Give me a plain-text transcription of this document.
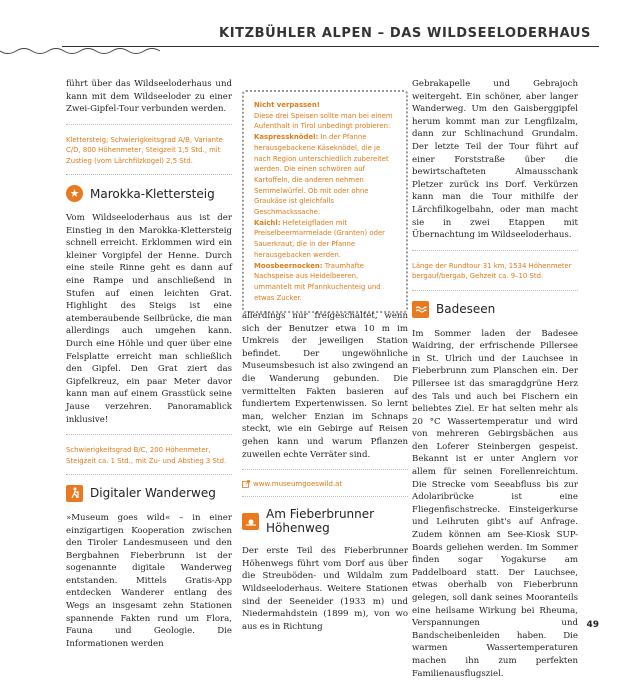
KITZBÜHLER ALPEN – DAS WILDSEELODERHAUS

führt über das Wildseeloderhaus und kann mit dem Wildseeloder zu einer Zwei-Gipfel-Tour verbunden werden.

Klettersteig; Schwierigkeitsgrad A/B, Variante C/D, 800 Höhenmeter, Steigzeit 1,5 Std., mit Zustieg (vom Lärchfilzkogel) 2,5 Std.

★ Marokka-Klettersteig

Vom Wildseeloderhaus aus ist der Einstieg in den Marokka-Klettersteig schnell erreicht. Erklommen wird ein kleiner Vorgipfel der Henne. Durch eine steile Rinne geht es dann auf eine Rampe und anschließend in Stufen auf einen leichten Grat. Highlight des Steigs ist eine atemberaubende Seilbrücke, die man allerdings auch umgehen kann. Durch eine Höhle und quer über eine Felsplatte erreicht man schließlich den Gipfel. Den Grat ziert das Gipfelkreuz, ein paar Meter davor kann man auf einem Grasstück seine Jause verzehren. Panoramablick inklusive!

Schwierigkeitsgrad B/C, 200 Höhenmeter, Steigzeit ca. 1 Std., mit Zu- und Abstieg 3 Std.

Digitaler Wanderweg

»Museum goes wild« – in einer einzigartigen Kooperation zwischen den Tiroler Landesmuseen und den Bergbahnen Fieberbrunn ist der sogenannte digitale Wanderweg entstanden. Mittels Gratis-App entdecken Wanderer entlang des Wegs an insgesamt zehn Stationen spannende Fakten rund um Flora, Fauna und Geologie. Die Informationen werden

Nicht verpassen!
Diese drei Speisen sollte man bei einem Aufenthalt in Tirol unbedingt probieren:
Kaspressknödel: In der Pfanne herausgebackene Käseknödel, die je nach Region unterschiedlich zubereitet werden. Die einen schwören auf Kartoffeln, die anderen nehmen Semmelwürfel. Ob mit oder ohne Graukäse ist gleichfalls Geschmackssache.
Kaichl: Hefeteigfladen mit Preiselbeermarmelade (Granten) oder Sauerkraut, die in der Pfanne herausgebacken werden.
Moosbeernocken: Traumhafte Nachspeise aus Heidelbeeren, ummantelt mit Pfannkuchenteig und etwas Zucker.

allerdings nur freigeschaltet, wenn sich der Benutzer etwa 10 m im Umkreis der jeweiligen Station befindet. Der ungewöhnliche Museumsbesuch ist also zwingend an die Wanderung gebunden. Die vermittelten Fakten basieren auf fundiertem Expertenwissen. So lernt man, welcher Enzian im Schnaps steckt, wie ein Gebirge auf Reisen gehen kann und warum Pflanzen zuweilen echte Verräter sind.

www.museumgoeswild.at
Am Fieberbrunner
Höhenweg

Der erste Teil des Fieberbrunner Höhenwegs führt vom Dorf aus über die Streuböden- und Wildalm zum Wildseeloderhaus. Weitere Stationen sind der Seeneider (1933 m) und Niedermahdstein (1899 m), von wo aus es in Richtung

Gebrakapelle und Gebrajoch weitergeht. Ein schöner, aber langer Wanderweg. Um den Gaisberggipfel herum kommt man zur Lengfilzalm, dann zur Schlinachund Grundalm. Der letzte Teil der Tour führt auf einer Forststraße über die bewirtschafteten Almausschank Pletzer zurück ins Dorf. Verkürzen kann man die Tour mithilfe der Lärchfilkogelbahn, oder man macht sie in zwei Etappen mit Übernachtung im Wildseeloderhaus.

Länge der Rundtour 31 km, 1534 Höhenmeter bergauf/bergab, Gehzeit ca. 9–10 Std.

Badeseen

Im Sommer laden der Badesee Waidring, der erfrischende Pillersee in St. Ulrich und der Lauchsee in Fieberbrunn zum Planschen ein. Der Pillersee ist das smaragdgrüne Herz des Tals und auch bei Fischern ein beliebtes Ziel. Er hat selten mehr als 20 °C Wassertemperatur und wird von mehreren Gebirgsbächen aus den Loferer Steinbergen gespeist. Bekannt ist er unter Anglern vor allem für seinen Forellenreichtum. Die Strecke vom Seeabfluss bis zur Adolaribrücke ist eine Fliegenfischstrecke. Einsteigerkurse und Leihruten gibt's auf Anfrage. Zudem können am See-Kiosk SUP-Boards geliehen werden. Im Sommer finden sogar Yogakurse am Paddelboard statt. Der Lauchsee, etwas oberhalb von Fieberbrunn gelegen, soll dank seines Mooranteils eine heilsame Wirkung bei Rheuma, Verspannungen und Bandscheibenleiden haben. Die warmen Wassertemperaturen machen ihn zum perfekten Familienausflugsziel.

49
